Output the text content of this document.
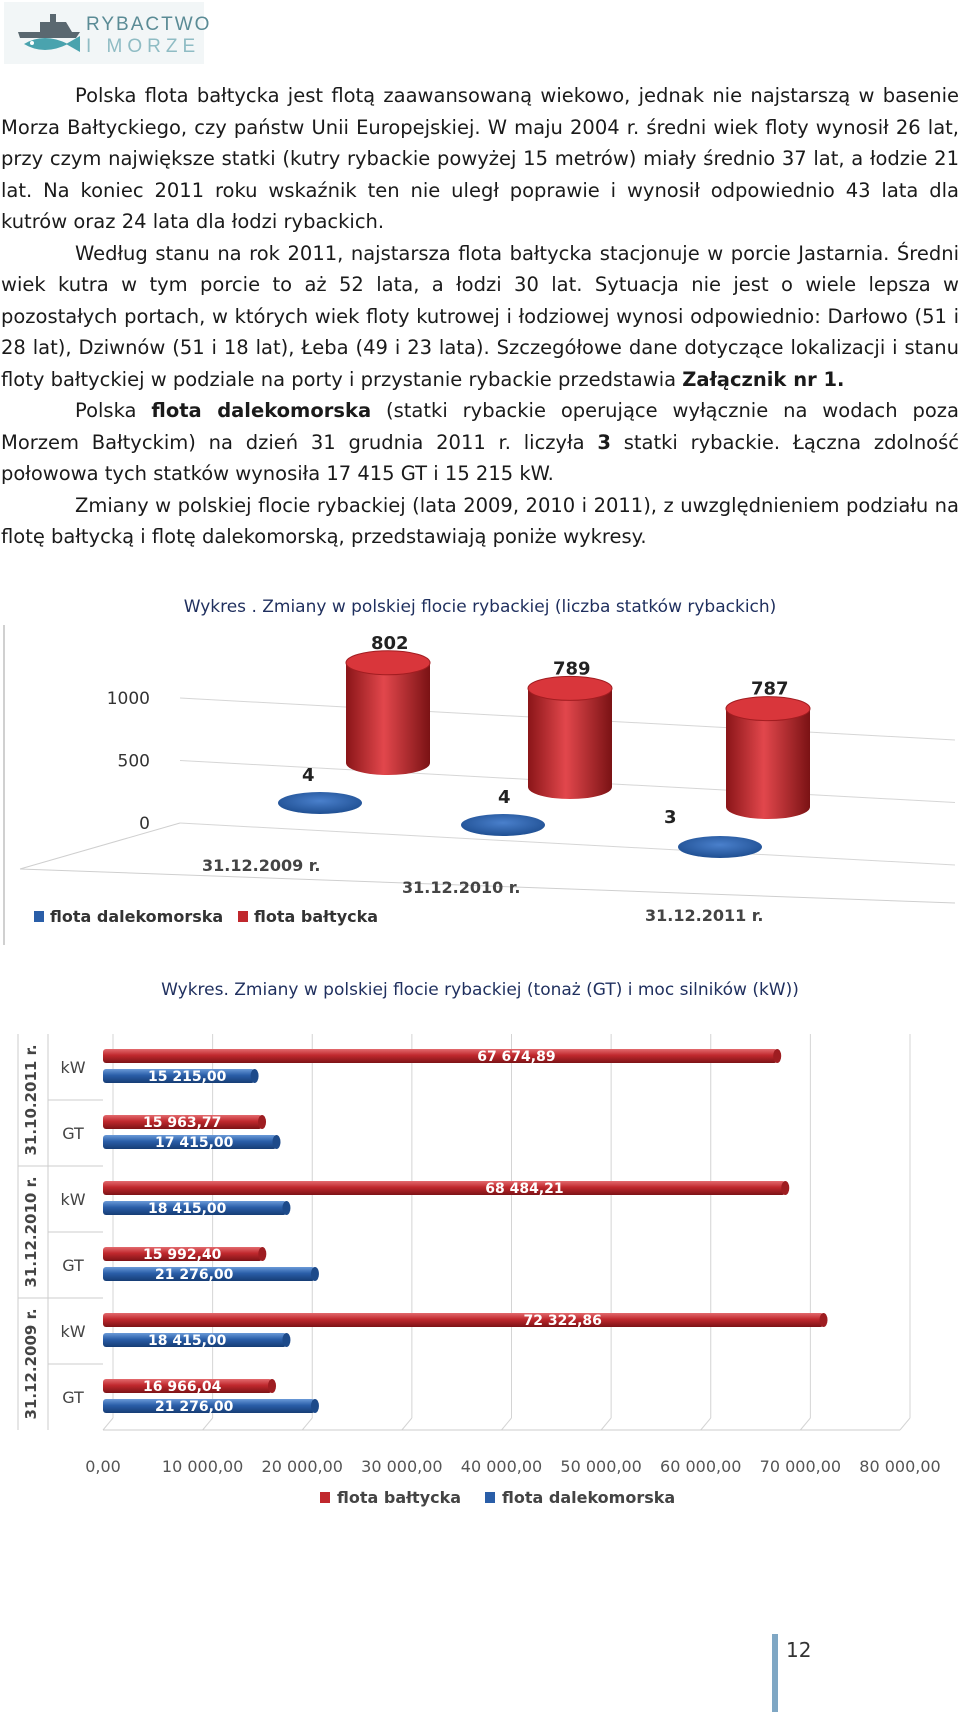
RYBACTWO
I MORZE

Polska flota bałtycka jest flotą zaawansowaną wiekowo, jednak nie najstarszą w basenie Morza Bałtyckiego, czy państw Unii Europejskiej. W maju 2004 r. średni wiek floty wynosił 26 lat, przy czym największe statki (kutry rybackie powyżej 15 metrów) miały średnio 37 lat, a łodzie 21 lat. Na koniec 2011 roku wskaźnik ten nie uległ poprawie i wynosił odpowiednio 43 lata dla kutrów oraz 24 lata dla łodzi rybackich.

Według stanu na rok 2011, najstarsza flota bałtycka stacjonuje w porcie Jastarnia. Średni wiek kutra w tym porcie to aż 52 lata, a łodzi 30 lat. Sytuacja nie jest o wiele lepsza w pozostałych portach, w których wiek floty kutrowej i łodziowej wynosi odpowiednio: Darłowo (51 i 28 lat), Dziwnów (51 i 18 lat), Łeba (49 i 23 lata). Szczegółowe dane dotyczące lokalizacji i stanu floty bałtyckiej w podziale na porty i przystanie rybackie przedstawia Załącznik nr 1.

Polska flota dalekomorska (statki rybackie operujące wyłącznie na wodach poza Morzem Bałtyckim) na dzień 31 grudnia 2011 r. liczyła 3 statki rybackie. Łączna zdolność połowowa tych statków wynosiła 17 415 GT i 15 215 kW.

Zmiany w polskiej flocie rybackiej (lata 2009, 2010 i 2011), z uwzględnieniem podziału na flotę bałtycką i flotę dalekomorską, przedstawiają poniże wykresy.

Wykres . Zmiany w polskiej flocie rybackiej (liczba statków rybackich)
0
500
1000
4
4
3
802
789
787
31.12.2009 r.
31.12.2010 r.
31.12.2011 r.
flota dalekomorska flota bałtycka
Wykres. Zmiany w polskiej flocie rybackiej (tonaż (GT) i moc silników (kW))
67 674,89
15 215,00
15 963,77
17 415,00
68 484,21
18 415,00
15 992,40
21 276,00
72 322,86
18 415,00
16 966,04
21 276,00
kW
GT
kW
GT
kW
GT
31.10.2011 r.
31.12.2010 r.
31.12.2009 r.
0,00	10 000,00 20 000,00 30 000,00 40 000,00 50 000,00 60 000,00 70 000,00 80 000,00
flota bałtycka	flota dalekomorska
12
